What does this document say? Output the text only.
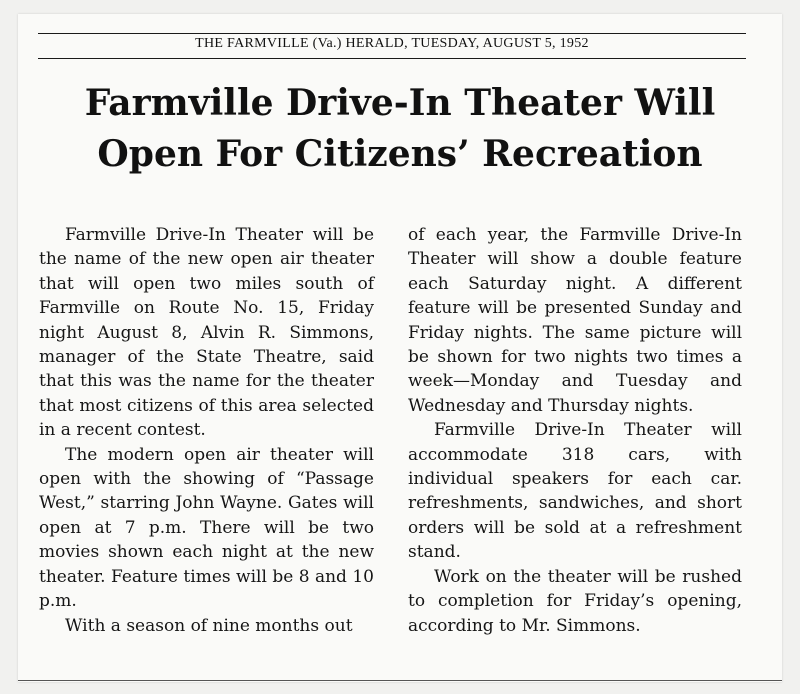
THE FARMVILLE (Va.) HERALD, TUESDAY, AUGUST 5, 1952
Farmville Drive-In Theater Will
Open For Citizens’ Recreation

Farmville Drive-In Theater will be the name of the new open air theater that will open two miles south of Farmville on Route No. 15, Friday night August 8, Alvin R. Simmons, manager of the State Theatre, said that this was the name for the theater that most citizens of this area selected in a recent contest.

The modern open air theater will open with the showing of “Passage West,” starring John Wayne. Gates will open at 7 p.m. There will be two movies shown each night at the new theater. Feature times will be 8 and 10 p.m.

With a season of nine months out

of each year, the Farmville Drive-In Theater will show a double feature each Saturday night. A different feature will be presented Sunday and Friday nights. The same picture will be shown for two nights two times a week—Monday and Tuesday and Wednesday and Thursday nights.

Farmville Drive-In Theater will accommodate 318 cars, with individual speakers for each car. refreshments, sandwiches, and short orders will be sold at a refreshment stand.

Work on the theater will be rushed to completion for Friday’s opening, according to Mr. Simmons.
